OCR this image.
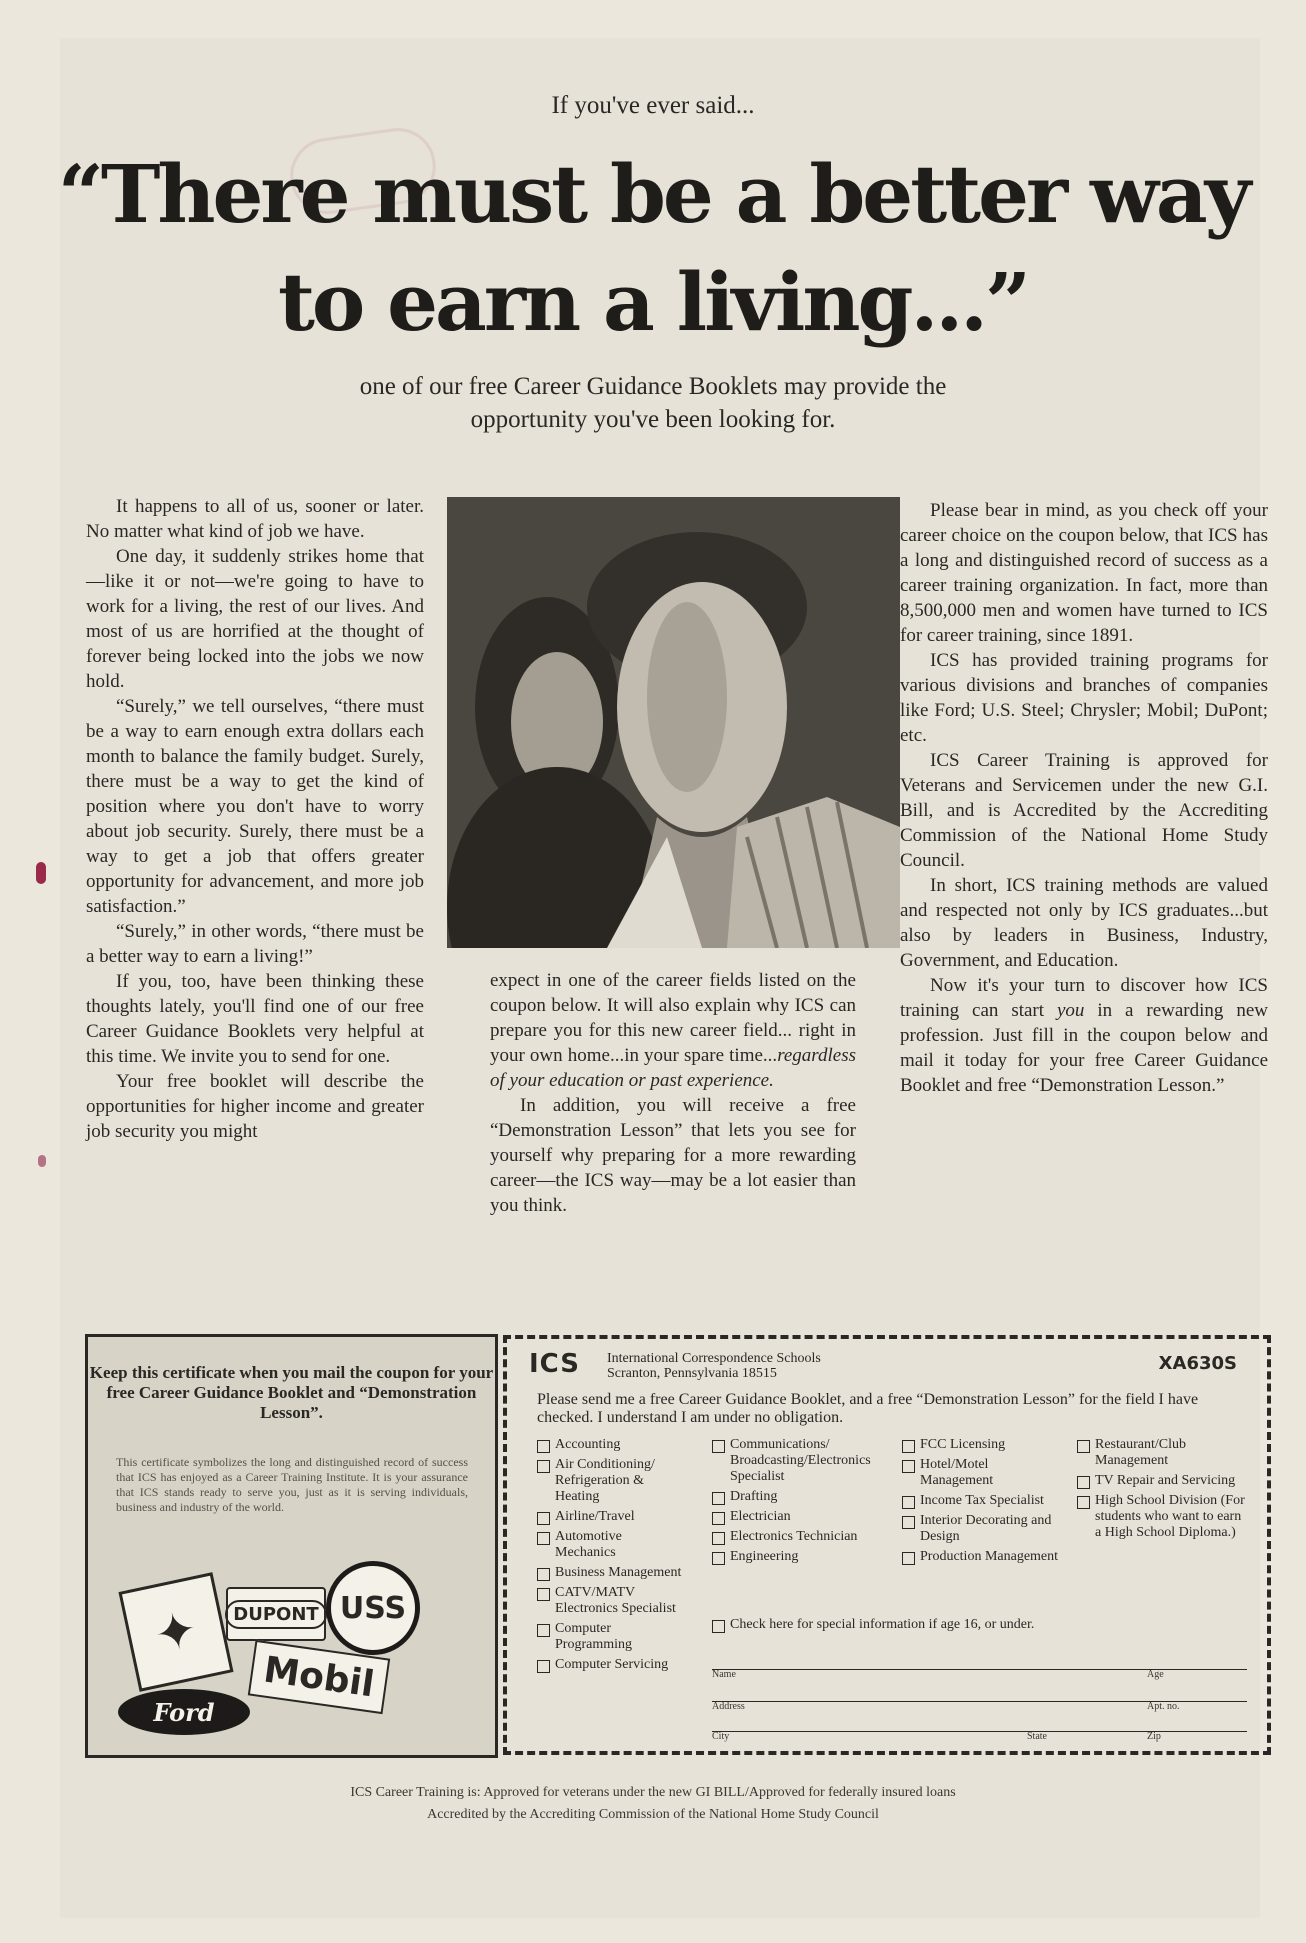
If you've ever said...
“There must be a better way
to earn a living...”
one of our free Career Guidance Booklets may provide the
opportunity you've been looking for.

It happens to all of us, sooner or later. No matter what kind of job we have.

One day, it suddenly strikes home that—like it or not—we're going to have to work for a living, the rest of our lives. And most of us are horrified at the thought of forever being locked into the jobs we now hold.

“Surely,” we tell ourselves, “there must be a way to earn enough extra dollars each month to balance the family budget. Surely, there must be a way to get the kind of position where you don't have to worry about job security. Surely, there must be a way to get a job that offers greater opportunity for advancement, and more job satisfaction.”

“Surely,” in other words, “there must be a better way to earn a living!”

If you, too, have been thinking these thoughts lately, you'll find one of our free Career Guidance Booklets very helpful at this time. We invite you to send for one.

Your free booklet will describe the opportunities for higher income and greater job security you might

expect in one of the career fields listed on the coupon below. It will also explain why ICS can prepare you for this new career field... right in your own home...in your spare time...regardless of your education or past experience.

In addition, you will receive a free “Demonstration Lesson” that lets you see for yourself why preparing for a more rewarding career—the ICS way—may be a lot easier than you think.

Please bear in mind, as you check off your career choice on the coupon below, that ICS has a long and distinguished record of success as a career training organization. In fact, more than 8,500,000 men and women have turned to ICS for career training, since 1891.

ICS has provided training programs for various divisions and branches of companies like Ford; U.S. Steel; Chrysler; Mobil; DuPont; etc.

ICS Career Training is approved for Veterans and Servicemen under the new G.I. Bill, and is Accredited by the Accrediting Commission of the National Home Study Council.

In short, ICS training methods are valued and respected not only by ICS graduates...but also by leaders in Business, Industry, Government, and Education.

Now it's your turn to discover how ICS training can start you in a rewarding new profession. Just fill in the coupon below and mail it today for your free Career Guidance Booklet and free “Demonstration Lesson.”

Keep this certificate when you mail the coupon for your free Career Guidance Booklet and “Demonstration Lesson”.
This certificate symbolizes the long and distinguished record of success that ICS has enjoyed as a Career Training Institute. It is your assurance that ICS stands ready to serve you, just as it is serving individuals, business and industry of the world.
✦	DUPONT USS
Mobil
Ford
ICS International Correspondence Schools
Scranton, Pennsylvania 18515	XA630S
Please send me a free Career Guidance Booklet, and a free “Demonstration Lesson” for the field I have checked. I understand I am under no obligation.
Accounting
Air Conditioning/ Refrigeration & Heating
Airline/Travel
Automotive Mechanics
Business Management
CATV/MATV Electronics Specialist
Computer Programming
Computer Servicing
Communications/ Broadcasting/Electronics Specialist
Drafting
Electrician
Electronics Technician
Engineering
FCC Licensing
Hotel/Motel Management
Income Tax Specialist
Interior Decorating and Design
Production Management
Restaurant/Club Management
TV Repair and Servicing
High School Division (For students who want to earn a High School Diploma.)
Check here for special information if age 16, or under.
Name	Age
Address	Apt. no.
City	State	Zip
ICS Career Training is: Approved for veterans under the new GI BILL/Approved for federally insured loans
Accredited by the Accrediting Commission of the National Home Study Council
